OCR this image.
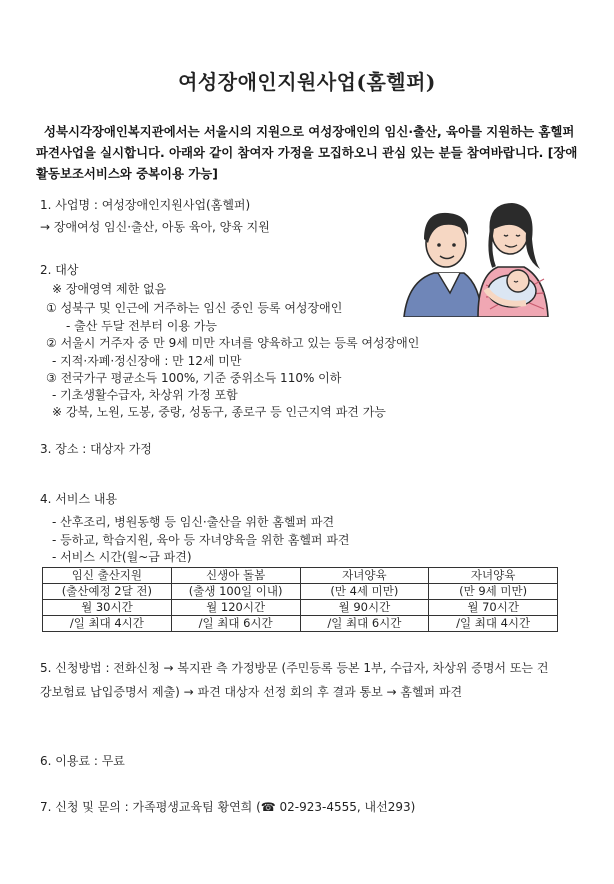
여성장애인지원사업(홈헬퍼)
성북시각장애인복지관에서는 서울시의 지원으로 여성장애인의 임신·출산, 육아를 지원하는 홈헬퍼 파견사업을 실시합니다. 아래와 같이 참여자 가정을 모집하오니 관심 있는 분들 참여바랍니다. [장애활동보조서비스와 중복이용 가능]
1. 사업명 : 여성장애인지원사업(홈헬퍼)
→ 장애여성 임신·출산, 아동 육아, 양육 지원
2. 대상
※ 장애영역 제한 없음
① 성북구 및 인근에 거주하는 임신 중인 등록 여성장애인
- 출산 두달 전부터 이용 가능
② 서울시 거주자 중 만 9세 미만 자녀를 양육하고 있는 등록 여성장애인
- 지적·자폐·정신장애 : 만 12세 미만
③ 전국가구 평균소득 100%, 기준 중위소득 110% 이하
- 기초생활수급자, 차상위 가정 포함
※ 강북, 노원, 도봉, 중랑, 성동구, 종로구 등 인근지역 파견 가능
3. 장소 : 대상자 가정
4. 서비스 내용
- 산후조리, 병원동행 등 임신·출산을 위한 홈헬퍼 파견
- 등하교, 학습지원, 육아 등 자녀양육을 위한 홈헬퍼 파견
- 서비스 시간(월~금 파견)
임신 출산지원	신생아 돌봄	자녀양육	자녀양육
(출산예정 2달 전)	(출생 100일 이내)	(만 4세 미만)	(만 9세 미만)
월 30시간	월 120시간	월 90시간	월 70시간
/일 최대 4시간	/일 최대 6시간	/일 최대 6시간	/일 최대 4시간
5. 신청방법 : 전화신청 → 복지관 측 가정방문 (주민등록 등본 1부, 수급자, 차상위 증명서 또는 건강보험료 납입증명서 제출) → 파견 대상자 선정 회의 후 결과 통보 → 홈헬퍼 파견
6. 이용료 : 무료
7. 신청 및 문의 : 가족평생교육팀 황연희 (☎ 02-923-4555, 내선293)
